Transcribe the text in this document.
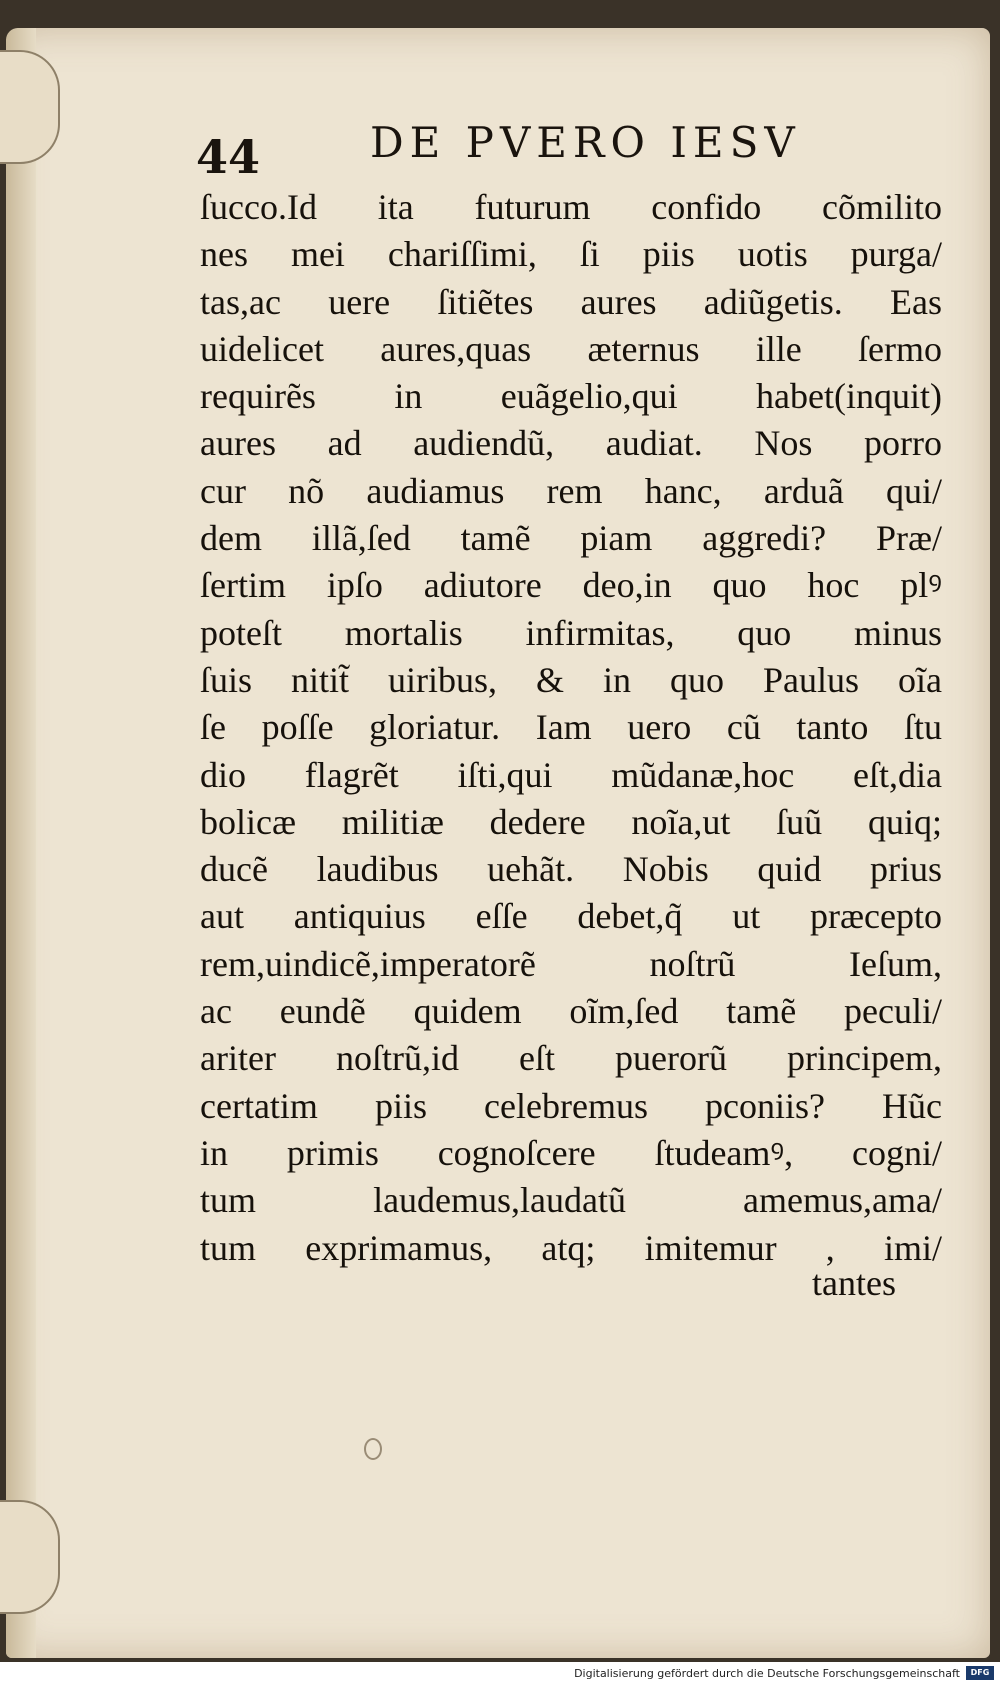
44	DE PVERO IESV
ſucco.Id ita futurum confido cõmilito
nes mei chariſſimi, ſi piis uotis purga/
tas,ac uere ſitiẽtes aures adiũgetis. Eas
uidelicet aures,quas æternus ille ſermo
requirẽs in euãgelio,qui habet(inquit)
aures ad audiendũ, audiat. Nos porro
cur nõ audiamus rem hanc, arduã qui/
dem illã,ſed tamẽ piam aggredi? Præ/
ſertim ipſo adiutore deo,in quo hoc plꝰ
poteſt mortalis infirmitas, quo minus
ſuis nitit̃ uiribus, & in quo Paulus oĩa
ſe poſſe gloriatur. Iam uero cũ tanto ſtu
dio flagrẽt iſti,qui mũdanæ,hoc eſt,dia
bolicæ militiæ dedere noĩa,ut ſuũ quiq;
ducẽ laudibus uehãt. Nobis quid prius
aut antiquius eſſe debet,q̃ ut præcepto
rem,uindicẽ,imperatorẽ noſtrũ Ieſum,
ac eundẽ quidem oĩm,ſed tamẽ peculi/
ariter noſtrũ,id eſt puerorũ principem,
certatim piis celebremus pconiis? Hũc
in primis cognoſcere ſtudeamꝰ, cogni/
tum laudemus,laudatũ amemus,ama/
tum exprimamus, atq; imitemur , imi/
tantes
Digitalisierung gefördert durch die Deutsche Forschungsgemeinschaft	DFG
